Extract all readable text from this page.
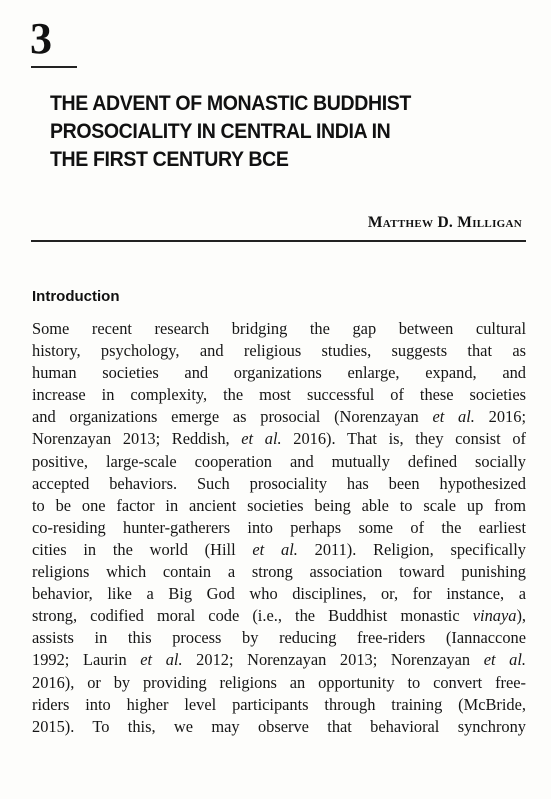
3
THE ADVENT OF MONASTIC BUDDHIST
PROSOCIALITY IN CENTRAL INDIA IN
THE FIRST CENTURY BCE
Matthew D. Milligan
Introduction
Some recent research bridging the gap between cultural
history, psychology, and religious studies, suggests that as
human societies and organizations enlarge, expand, and
increase in complexity, the most successful of these societies
and organizations emerge as prosocial (Norenzayan et al. 2016;
Norenzayan 2013; Reddish, et al. 2016). That is, they consist of
positive, large-scale cooperation and mutually defined socially
accepted behaviors. Such prosociality has been hypothesized
to be one factor in ancient societies being able to scale up from
co-residing hunter-gatherers into perhaps some of the earliest
cities in the world (Hill et al. 2011). Religion, specifically
religions which contain a strong association toward punishing
behavior, like a Big God who disciplines, or, for instance, a
strong, codified moral code (i.e., the Buddhist monastic vinaya),
assists in this process by reducing free-riders (Iannaccone
1992; Laurin et al. 2012; Norenzayan 2013; Norenzayan et al.
2016), or by providing religions an opportunity to convert free-
riders into higher level participants through training (McBride,
2015). To this, we may observe that behavioral synchrony
